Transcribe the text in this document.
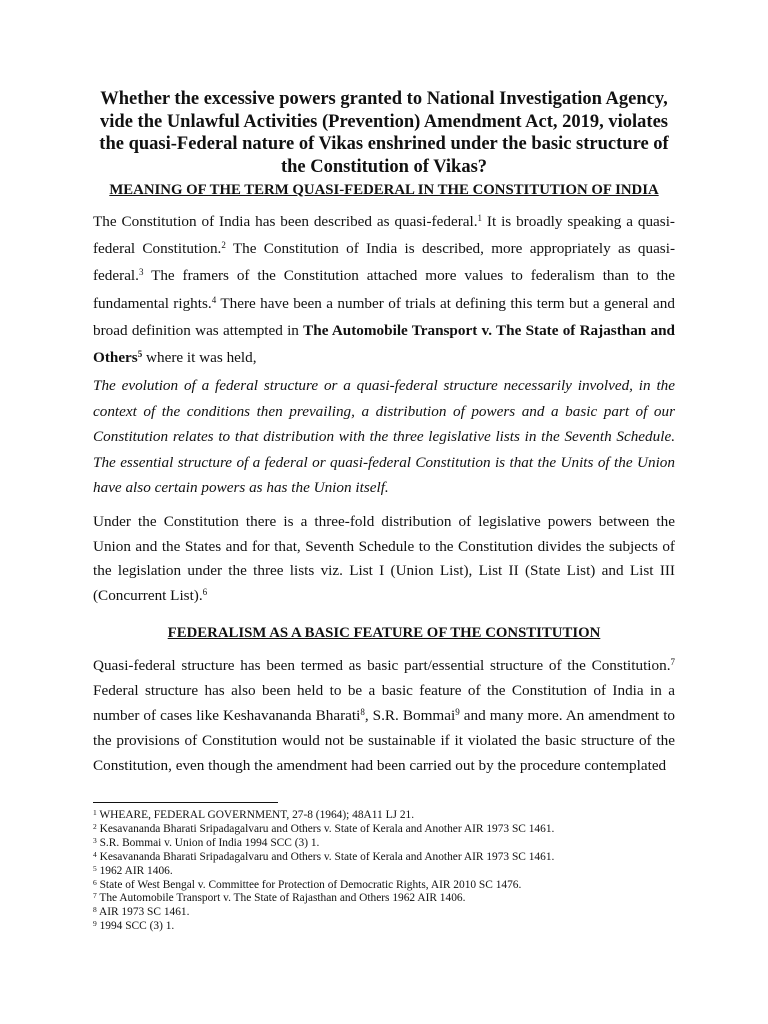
Whether the excessive powers granted to National Investigation Agency, vide the Unlawful Activities (Prevention) Amendment Act, 2019, violates the quasi-Federal nature of Vikas enshrined under the basic structure of the Constitution of Vikas?
MEANING OF THE TERM QUASI-FEDERAL IN THE CONSTITUTION OF INDIA

The Constitution of India has been described as quasi-federal.$^1$ It is broadly speaking a quasi-federal Constitution.$^2$ The Constitution of India is described, more appropriately as quasi-federal.$^3$ The framers of the Constitution attached more values to federalism than to the fundamental rights.$^4$ There have been a number of trials at defining this term but a general and broad definition was attempted in The Automobile Transport v. The State of Rajasthan and Others$^5$ where it was held,

The evolution of a federal structure or a quasi-federal structure necessarily involved, in the context of the conditions then prevailing, a distribution of powers and a basic part of our Constitution relates to that distribution with the three legislative lists in the Seventh Schedule. The essential structure of a federal or quasi-federal Constitution is that the Units of the Union have also certain powers as has the Union itself.

Under the Constitution there is a three-fold distribution of legislative powers between the Union and the States and for that, Seventh Schedule to the Constitution divides the subjects of the legislation under the three lists viz. List I (Union List), List II (State List) and List III (Concurrent List).$^6$

FEDERALISM AS A BASIC FEATURE OF THE CONSTITUTION

Quasi-federal structure has been termed as basic part/essential structure of the Constitution.$^7$ Federal structure has also been held to be a basic feature of the Constitution of India in a number of cases like Keshavananda Bharati$^8$, S.R. Bommai$^9$ and many more. An amendment to the provisions of Constitution would not be sustainable if it violated the basic structure of the Constitution, even though the amendment had been carried out by the procedure contemplated

$^1$ WHEARE, FEDERAL GOVERNMENT, 27-8 (1964); 48A11 LJ 21.
$^2$ Kesavananda Bharati Sripadagalvaru and Others v. State of Kerala and Another AIR 1973 SC 1461.
$^3$ S.R. Bommai v. Union of India 1994 SCC (3) 1.
$^4$ Kesavananda Bharati Sripadagalvaru and Others v. State of Kerala and Another AIR 1973 SC 1461.
$^5$ 1962 AIR 1406.
$^6$ State of West Bengal v. Committee for Protection of Democratic Rights, AIR 2010 SC 1476.
$^7$ The Automobile Transport v. The State of Rajasthan and Others 1962 AIR 1406.
$^8$ AIR 1973 SC 1461.
$^9$ 1994 SCC (3) 1.
